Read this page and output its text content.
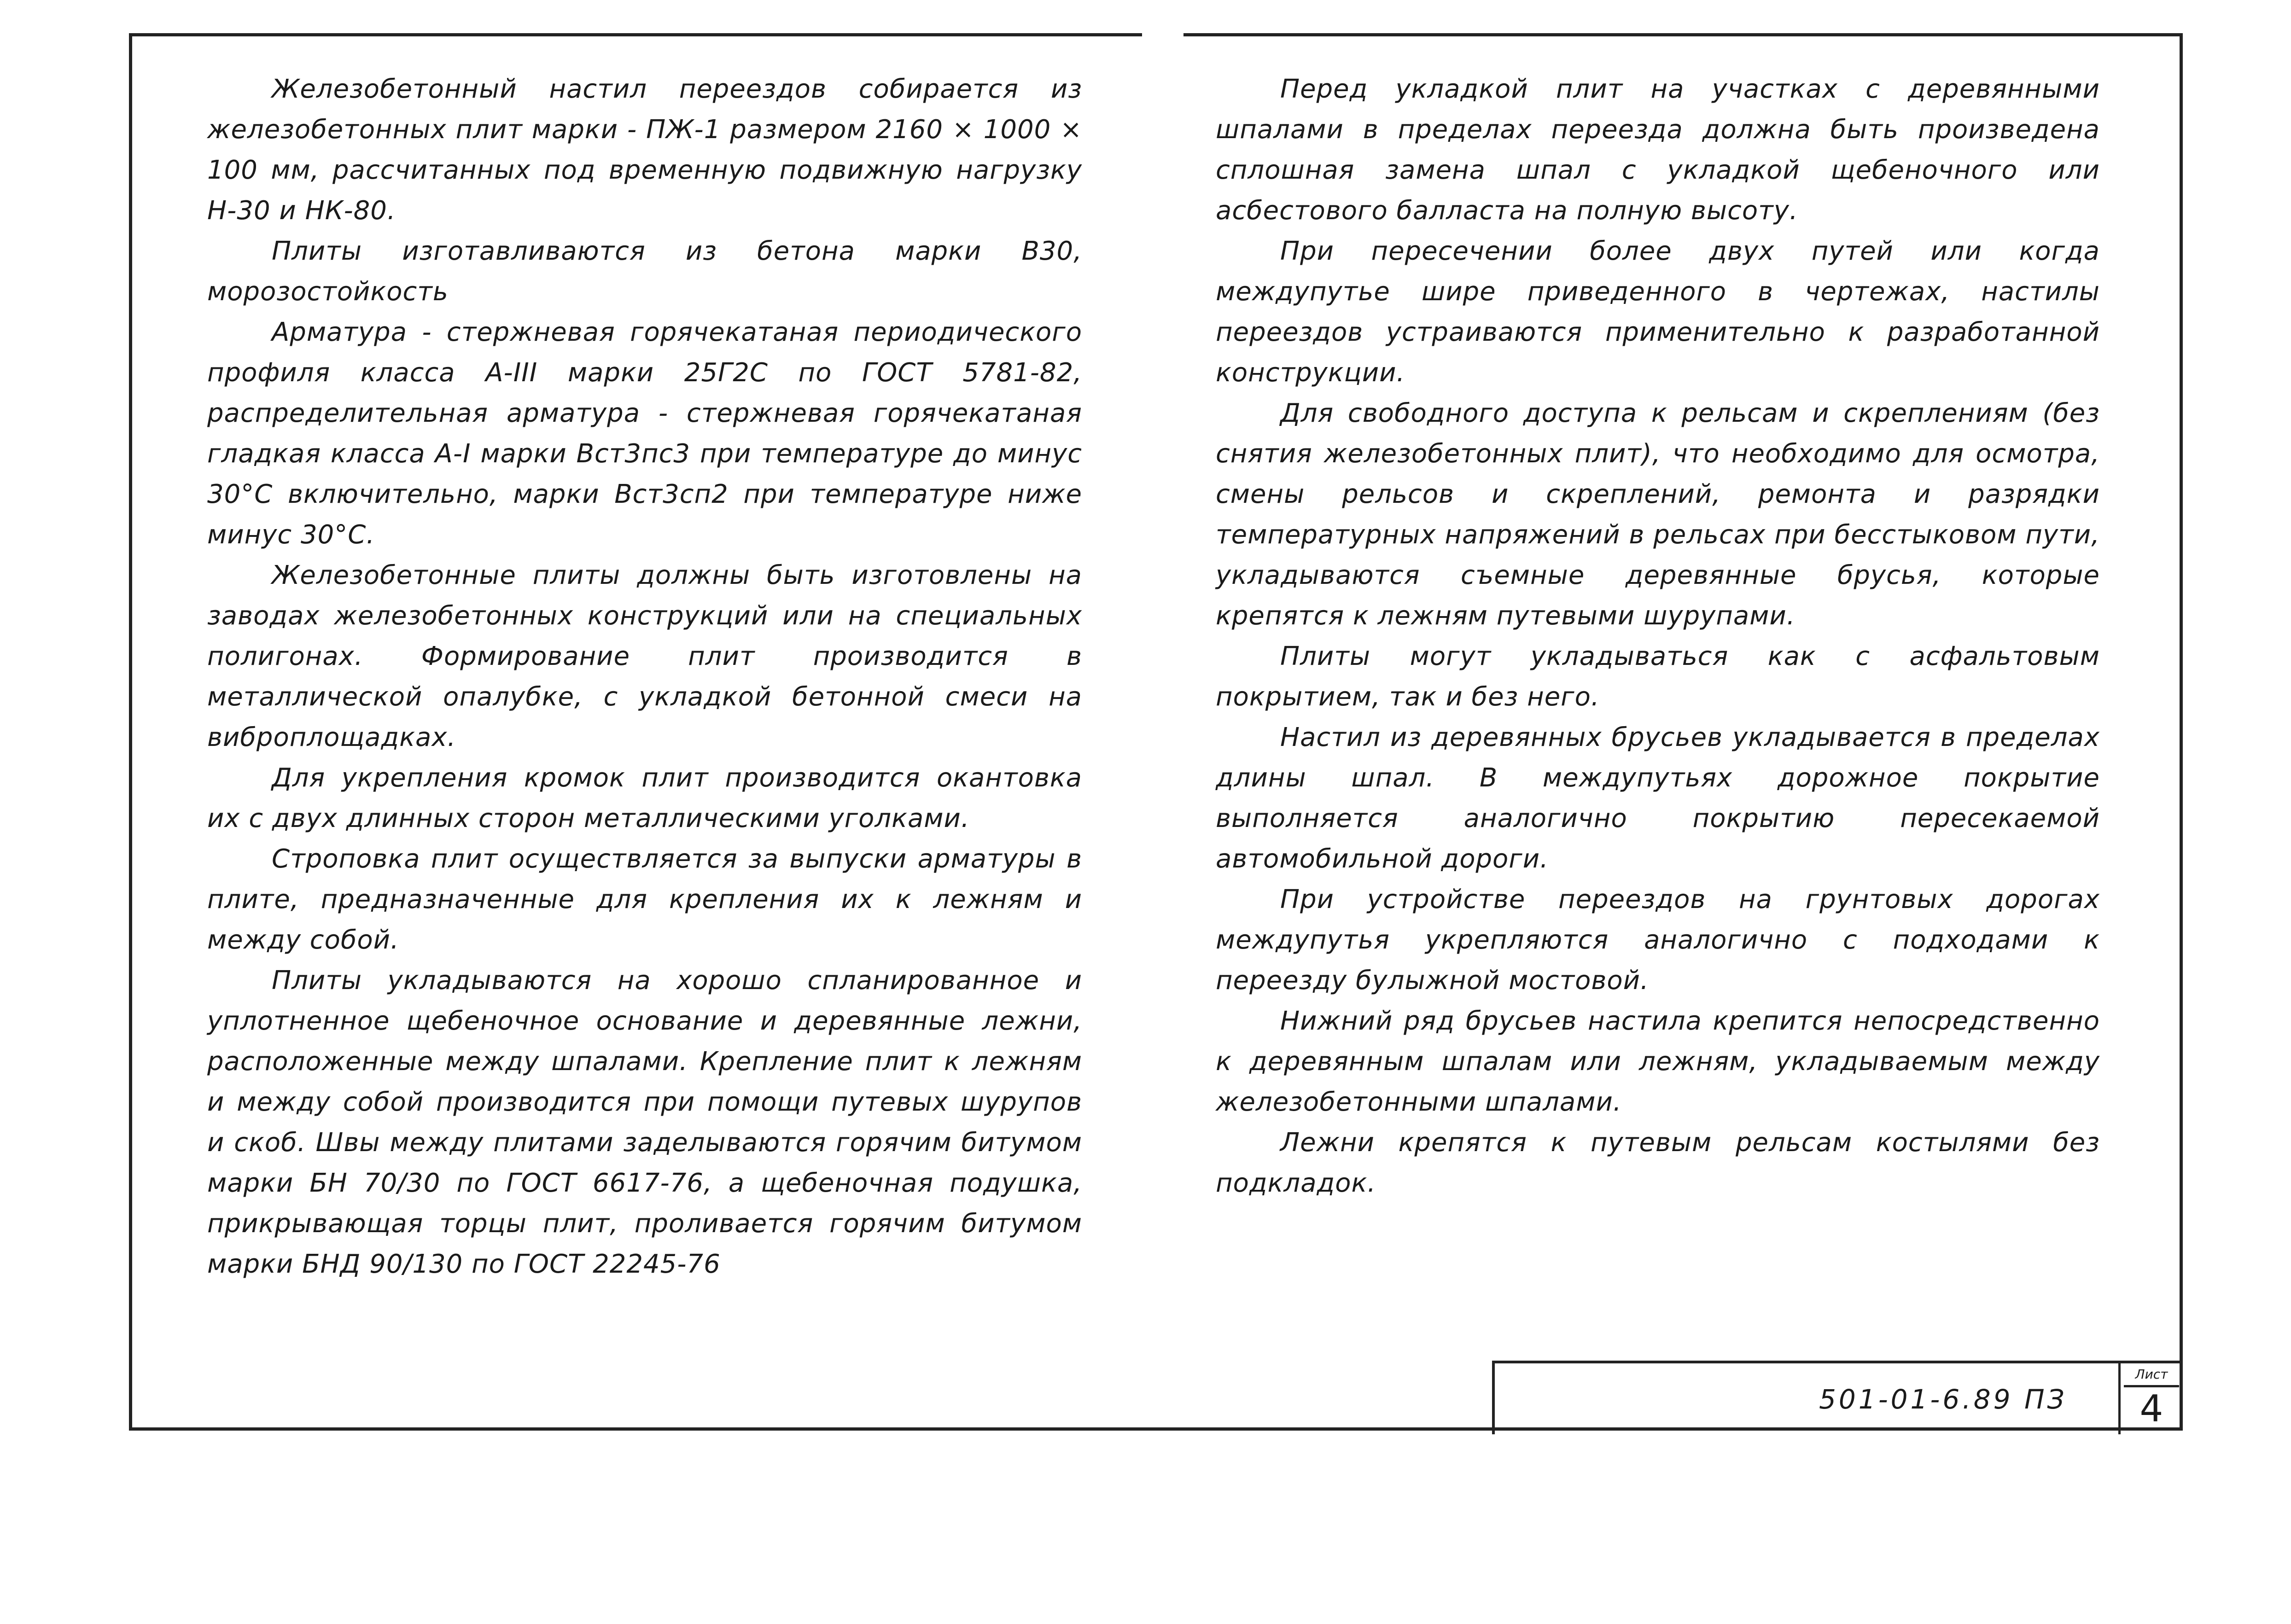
Железобетонный настил переездов собирается из железобетонных плит марки - ПЖ-1 размером 2160 × 1000 × 100 мм, рассчитанных под временную подвижную нагрузку Н-30 и НК-80.

Плиты изготавливаются из бетона марки В30, морозостойкость

Арматура - стержневая горячекатаная периодического профиля класса А-III марки 25Г2С по ГОСТ 5781-82, распределительная арматура - стержневая горячекатаная гладкая класса А-I марки Вст3пс3 при температуре до минус 30°С включительно, марки Вст3сп2 при температуре ниже минус 30°С.

Железобетонные плиты должны быть изготовлены на заводах железобетонных конструкций или на специальных полигонах. Формирование плит производится в металлической опалубке, с укладкой бетонной смеси на виброплощадках.

Для укрепления кромок плит производится окантовка их с двух длинных сторон металлическими уголками.

Строповка плит осуществляется за выпуски арматуры в плите, предназначенные для крепления их к лежням и между собой.

Плиты укладываются на хорошо спланированное и уплотненное щебеночное основание и деревянные лежни, расположенные между шпалами. Крепление плит к лежням и между собой производится при помощи путевых шурупов и скоб. Швы между плитами заделываются горячим битумом марки БН 70/30 по ГОСТ 6617-76, а щебеночная подушка, прикрывающая торцы плит, проливается горячим битумом марки БНД 90/130 по ГОСТ 22245-76

Перед укладкой плит на участках с деревянными шпалами в пределах переезда должна быть произведена сплошная замена шпал с укладкой щебеночного или асбестового балласта на полную высоту.

При пересечении более двух путей или когда междупутье шире приведенного в чертежах, настилы переездов устраиваются применительно к разработанной конструкции.

Для свободного доступа к рельсам и скреплениям (без снятия железобетонных плит), что необходимо для осмотра, смены рельсов и скреплений, ремонта и разрядки температурных напряжений в рельсах при бесстыковом пути, укладываются съемные деревянные брусья, которые крепятся к лежням путевыми шурупами.

Плиты могут укладываться как с асфальтовым покрытием, так и без него.

Настил из деревянных брусьев укладывается в пределах длины шпал. В междупутьях дорожное покрытие выполняется аналогично покрытию пересекаемой автомобильной дороги.

При устройстве переездов на грунтовых дорогах междупутья укрепляются аналогично с подходами к переезду булыжной мостовой.

Нижний ряд брусьев настила крепится непосредственно к деревянным шпалам или лежням, укладываемым между железобетонными шпалами.

Лежни крепятся к путевым рельсам костылями без подкладок.

501-01-6.89 ПЗ
Лист
4
